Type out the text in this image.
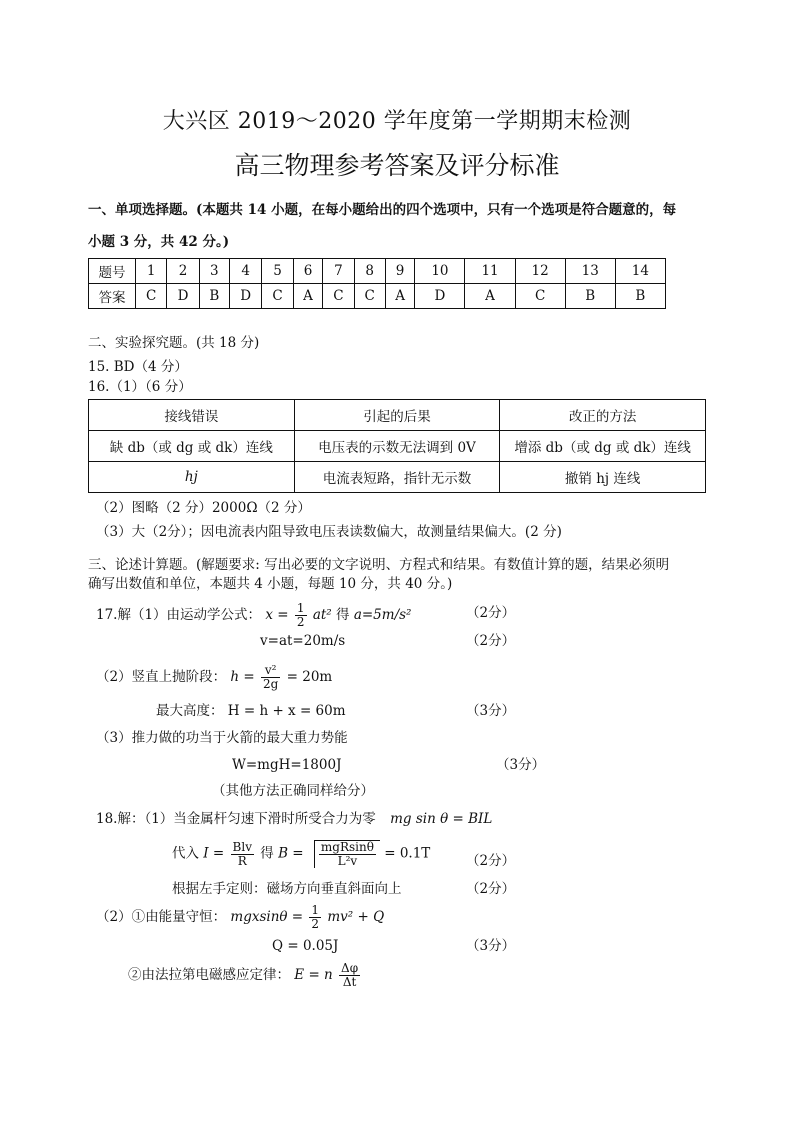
大兴区 2019～2020 学年度第一学期期末检测
高三物理参考答案及评分标准
一、单项选择题。(本题共 14 小题，在每小题给出的四个选项中，只有一个选项是符合题意的，每
小题 3 分，共 42 分。)
题号	1	2	3	4	5	6	7	8	9	10	11	12	13	14
答案	C	D	B	D	C	A	C	C	A	D	A	C	B	B
二、实验探究题。(共 18 分)
15. BD（4 分）
16.（1）（6 分）
接线错误	引起的后果	改正的方法
缺 db（或 dg 或 dk）连线	电压表的示数无法调到 0V	增添 db（或 dg 或 dk）连线
hj	电流表短路，指针无示数	撤销 hj 连线
（2）图略（2 分）2000Ω（2 分）
（3）大（2分）；因电流表内阻导致电压表读数偏大，故测量结果偏大。(2 分)
三、论述计算题。(解题要求: 写出必要的文字说明、方程式和结果。有数值计算的题，结果必须明
确写出数值和单位，本题共 4 小题，每题 10 分，共 40 分。)
17.解（1）由运动学公式： $x = \frac{1}{2} at^2$ 得 a=5m/s²	（2分）
v=at=20m/s	（2分）
（2）竖直上抛阶段： $h = \frac{\text{v²}}{2g} = 20m$
最大高度： H = h + x = 60m	（3分）
（3）推力做的功当于火箭的最大重力势能
W=mgH=1800J	（3分）
（其他方法正确同样给分）
18.解：（1）当金属杆匀速下滑时所受合力为零 mg sin θ = BIL
代入 $I = \frac{\text{Blv}}{R}$ 得 $B = \frac{\text{mgRsinθ}}{\text{L²v}} = 0.1T$	（2分）
根据左手定则：磁场方向垂直斜面向上	（2分）
（2）①由能量守恒： $mgxsin\theta = \frac{1}{2} mv^2 + Q$
Q = 0.05J	（3分）
②由法拉第电磁感应定律： E = n $\frac{\Delta\varphi}{\Delta t}$
